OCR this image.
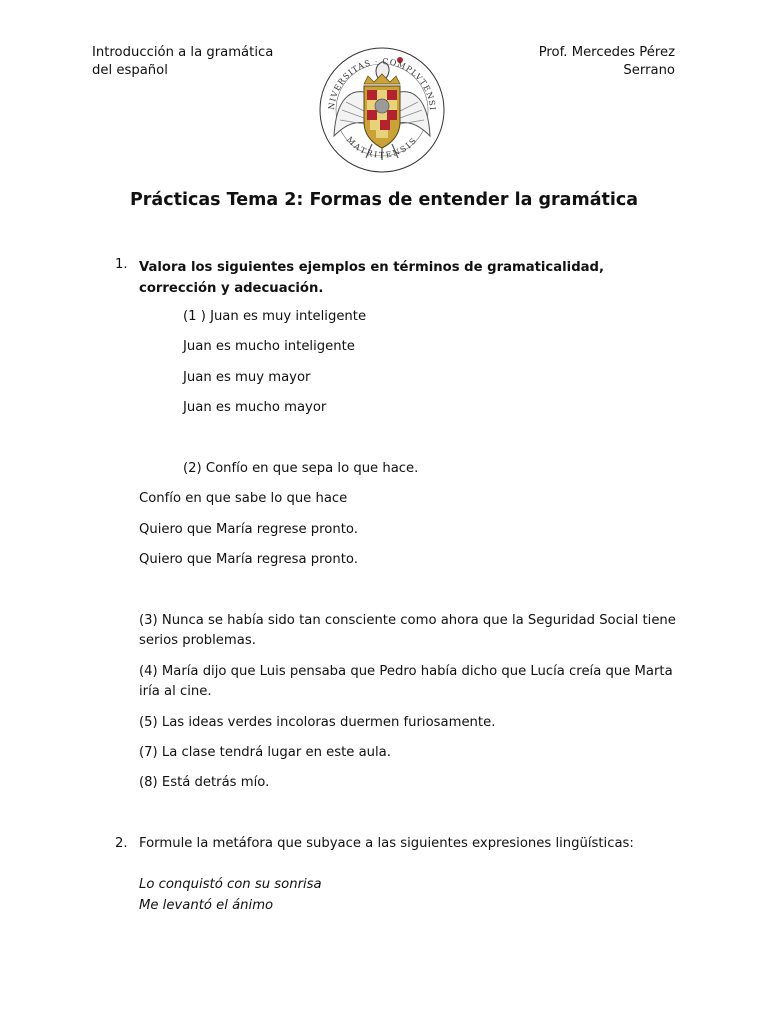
Introducción a la gramática
del español
NIVERSITAS · COMPLVTENSI
MATRITENSIS
Prof. Mercedes Pérez
Serrano
Prácticas Tema 2: Formas de entender la gramática
1. Valora los siguientes ejemplos en términos de gramaticalidad, corrección y adecuación.
(1 ) Juan es muy inteligente
Juan es mucho inteligente
Juan es muy mayor
Juan es mucho mayor
(2) Confío en que sepa lo que hace.
Confío en que sabe lo que hace
Quiero que María regrese pronto.
Quiero que María regresa pronto.
(3) Nunca se había sido tan consciente como ahora que la Seguridad Social tiene serios problemas.
(4) María dijo que Luis pensaba que Pedro había dicho que Lucía creía que Marta iría al cine.
(5) Las ideas verdes incoloras duermen furiosamente.
(7) La clase tendrá lugar en este aula.
(8) Está detrás mío.
2. Formule la metáfora que subyace a las siguientes expresiones lingüísticas:
Lo conquistó con su sonrisa
Me levantó el ánimo
